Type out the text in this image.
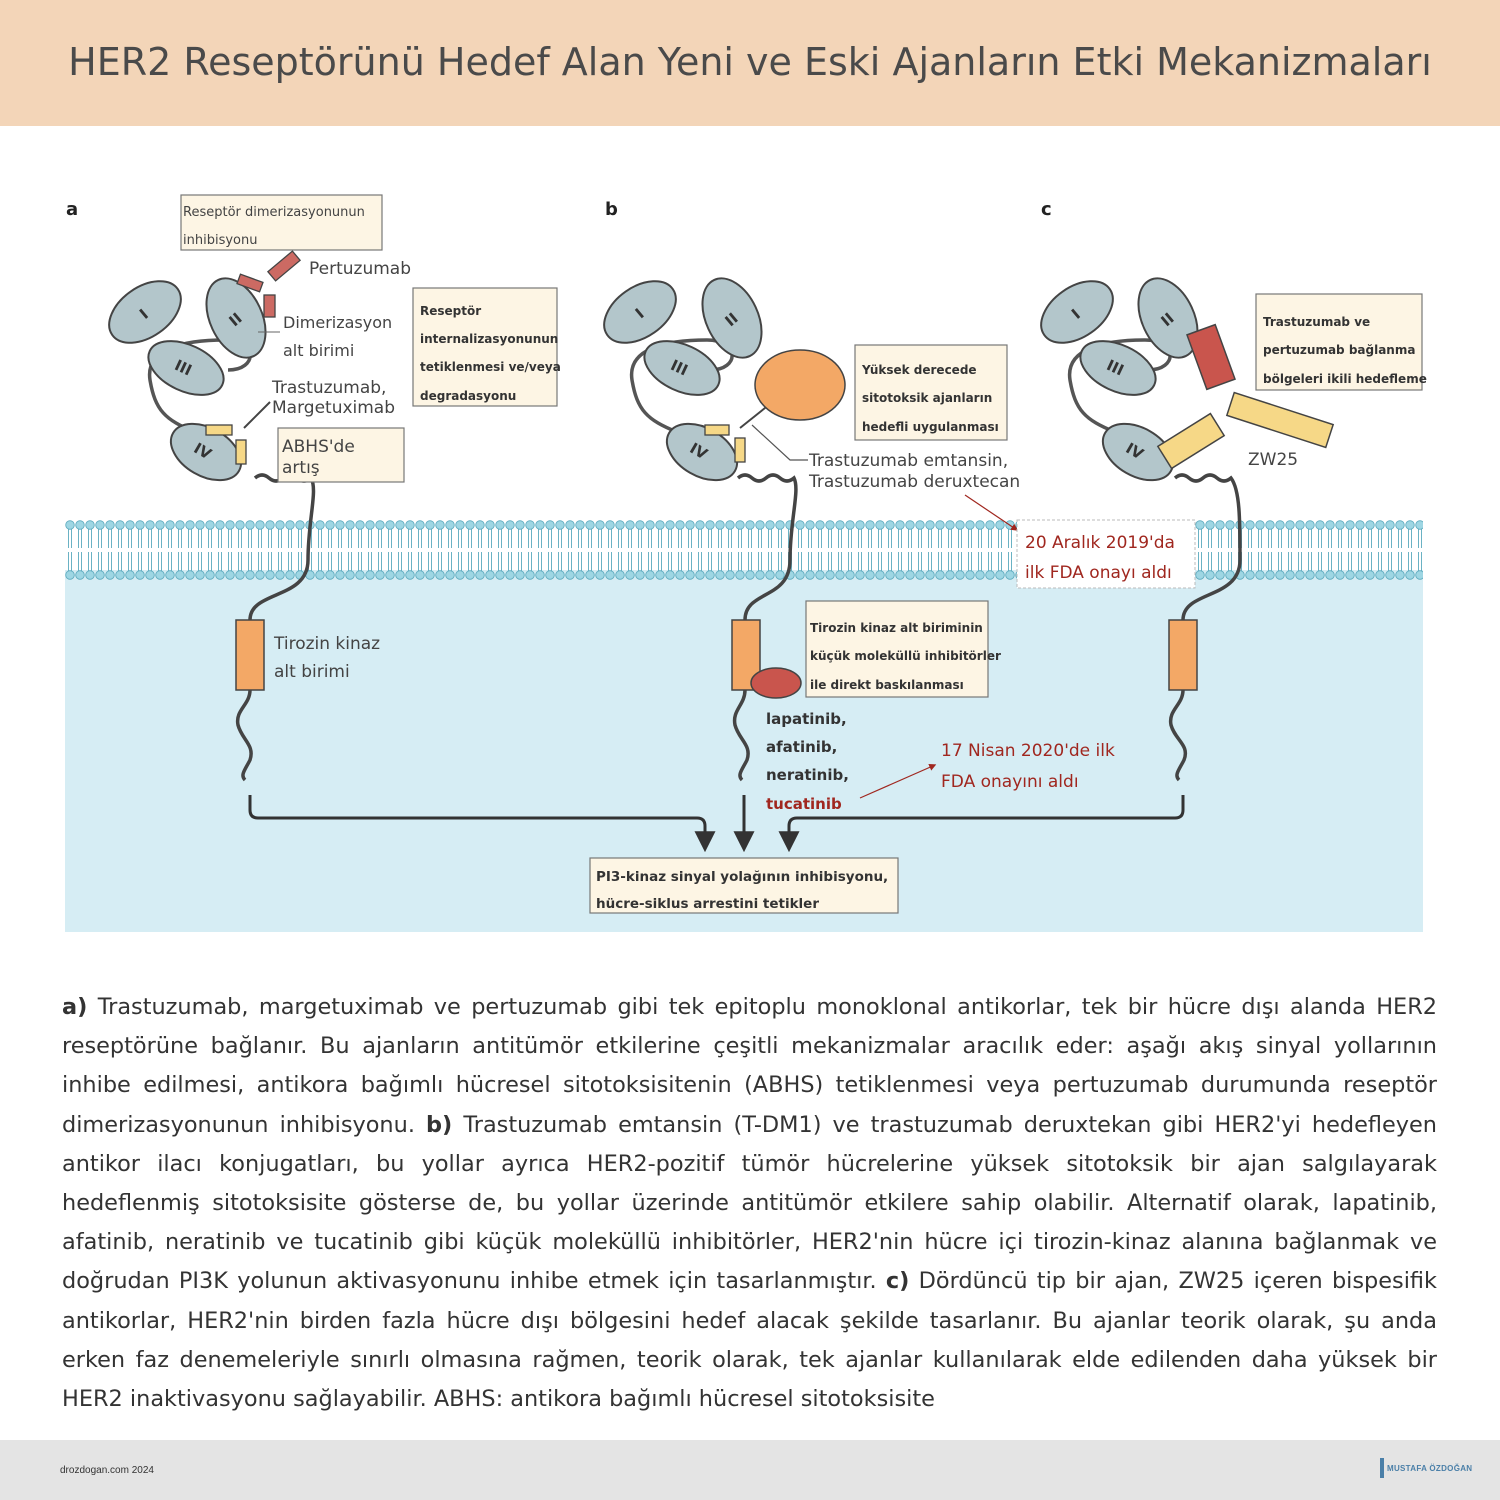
HER2 Reseptörünü Hedef Alan Yeni ve Eski Ajanların Etki Mekanizmaları
a	b	c
I	II
III
IV
Reseptör dimerizasyonunun
inhibisyonu
Pertuzumab
Dimerizasyon
alt birimi
Trastuzumab,
Margetuximab
Reseptör
internalizasyonunun
tetiklenmesi ve/veya
degradasyonu
ABHS'de
artış
Tirozin kinaz
alt birimi
I	II
III
IV
Yüksek derecede
sitotoksik ajanların
hedefli uygulanması
Trastuzumab emtansin,
Trastuzumab deruxtecan
20 Aralık 2019'da
ilk FDA onayı aldı
Tirozin kinaz alt biriminin
küçük moleküllü inhibitörler
ile direkt baskılanması
lapatinib,
afatinib,
neratinib,
tucatinib
17 Nisan 2020'de ilk
FDA onayını aldı
I	II
III
IV
Trastuzumab ve
pertuzumab bağlanma
bölgeleri ikili hedefleme
ZW25
PI3-kinaz sinyal yolağının inhibisyonu,
hücre-siklus arrestini tetikler
a) Trastuzumab, margetuximab ve pertuzumab gibi tek epitoplu monoklonal antikorlar, tek bir hücre dışı alanda HER2 reseptörüne bağlanır. Bu ajanların antitümör etkilerine çeşitli mekanizmalar aracılık eder: aşağı akış sinyal yollarının inhibe edilmesi, antikora bağımlı hücresel sitotoksisitenin (ABHS) tetiklenmesi veya pertuzumab durumunda reseptör dimerizasyonunun inhibisyonu. b) Trastuzumab emtansin (T-DM1) ve trastuzumab deruxtekan gibi HER2'yi hedefleyen antikor ilacı konjugatları, bu yollar ayrıca HER2-pozitif tümör hücrelerine yüksek sitotoksik bir ajan salgılayarak hedeflenmiş sitotoksisite gösterse de, bu yollar üzerinde antitümör etkilere sahip olabilir. Alternatif olarak, lapatinib, afatinib, neratinib ve tucatinib gibi küçük moleküllü inhibitörler, HER2'nin hücre içi tirozin-kinaz alanına bağlanmak ve doğrudan PI3K yolunun aktivasyonunu inhibe etmek için tasarlanmıştır. c) Dördüncü tip bir ajan, ZW25 içeren bispesifik antikorlar, HER2'nin birden fazla hücre dışı bölgesini hedef alacak şekilde tasarlanır. Bu ajanlar teorik olarak, şu anda erken faz denemeleriyle sınırlı olmasına rağmen, teorik olarak, tek ajanlar kullanılarak elde edilenden daha yüksek bir HER2 inaktivasyonu sağlayabilir. ABHS: antikora bağımlı hücresel sitotoksisite
drozdogan.com 2024	MUSTAFA ÖZDOĞAN
